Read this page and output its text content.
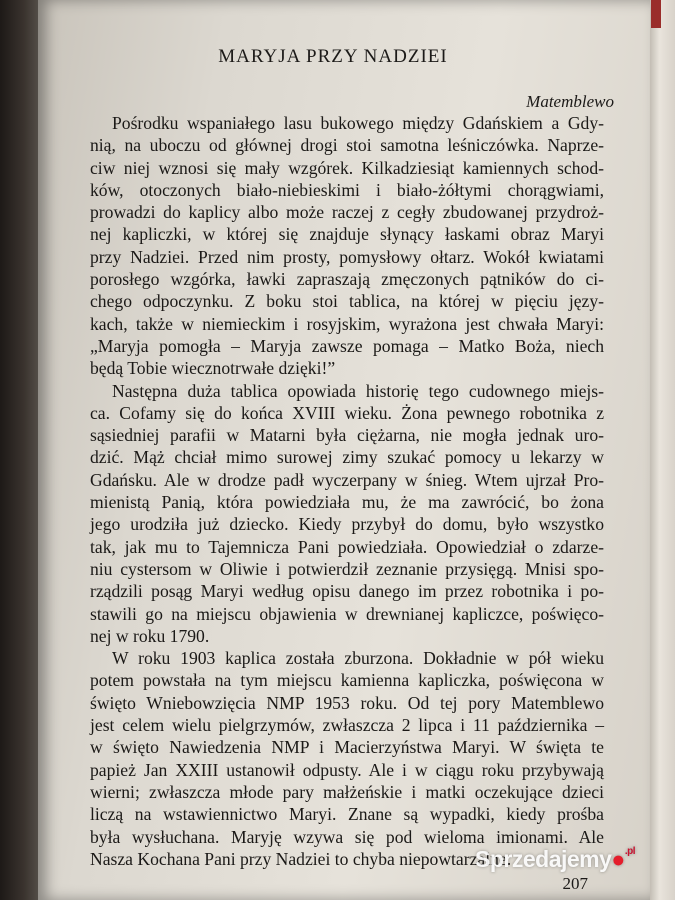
MARYJA PRZY NADZIEI
Matemblewo
Pośrodku wspaniałego lasu bukowego między Gdańskiem a Gdy-
nią, na uboczu od głównej drogi stoi samotna leśniczówka. Naprze-
ciw niej wznosi się mały wzgórek. Kilkadziesiąt kamiennych schod-
ków, otoczonych biało-niebieskimi i biało-żółtymi chorągwiami,
prowadzi do kaplicy albo może raczej z cegły zbudowanej przydroż-
nej kapliczki, w której się znajduje słynący łaskami obraz Maryi
przy Nadziei. Przed nim prosty, pomysłowy ołtarz. Wokół kwiatami
porosłego wzgórka, ławki zapraszają zmęczonych pątników do ci-
chego odpoczynku. Z boku stoi tablica, na której w pięciu języ-
kach, także w niemieckim i rosyjskim, wyrażona jest chwała Maryi:
„Maryja pomogła – Maryja zawsze pomaga – Matko Boża, niech
będą Tobie wiecznotrwałe dzięki!”
Następna duża tablica opowiada historię tego cudownego miejs-
ca. Cofamy się do końca XVIII wieku. Żona pewnego robotnika z
sąsiedniej parafii w Matarni była ciężarna, nie mogła jednak uro-
dzić. Mąż chciał mimo surowej zimy szukać pomocy u lekarzy w
Gdańsku. Ale w drodze padł wyczerpany w śnieg. Wtem ujrzał Pro-
mienistą Panią, która powiedziała mu, że ma zawrócić, bo żona
jego urodziła już dziecko. Kiedy przybył do domu, było wszystko
tak, jak mu to Tajemnicza Pani powiedziała. Opowiedział o zdarze-
niu cystersom w Oliwie i potwierdził zeznanie przysięgą. Mnisi spo-
rządzili posąg Maryi według opisu danego im przez robotnika i po-
stawili go na miejscu objawienia w drewnianej kapliczce, poświęco-
nej w roku 1790.
W roku 1903 kaplica została zburzona. Dokładnie w pół wieku
potem powstała na tym miejscu kamienna kapliczka, poświęcona w
święto Wniebowzięcia NMP 1953 roku. Od tej pory Matemblewo
jest celem wielu pielgrzymów, zwłaszcza 2 lipca i 11 października –
w święto Nawiedzenia NMP i Macierzyństwa Maryi. W święta te
papież Jan XXIII ustanowił odpusty. Ale i w ciągu roku przybywają
wierni; zwłaszcza młode pary małżeńskie i matki oczekujące dzieci
liczą na wstawiennictwo Maryi. Znane są wypadki, kiedy prośba
była wysłuchana. Maryję wzywa się pod wieloma imionami. Ale
Nasza Kochana Pani przy Nadziei to chyba niepowtarzalne.
207
Sprzedajemy●$^{.pl}$
